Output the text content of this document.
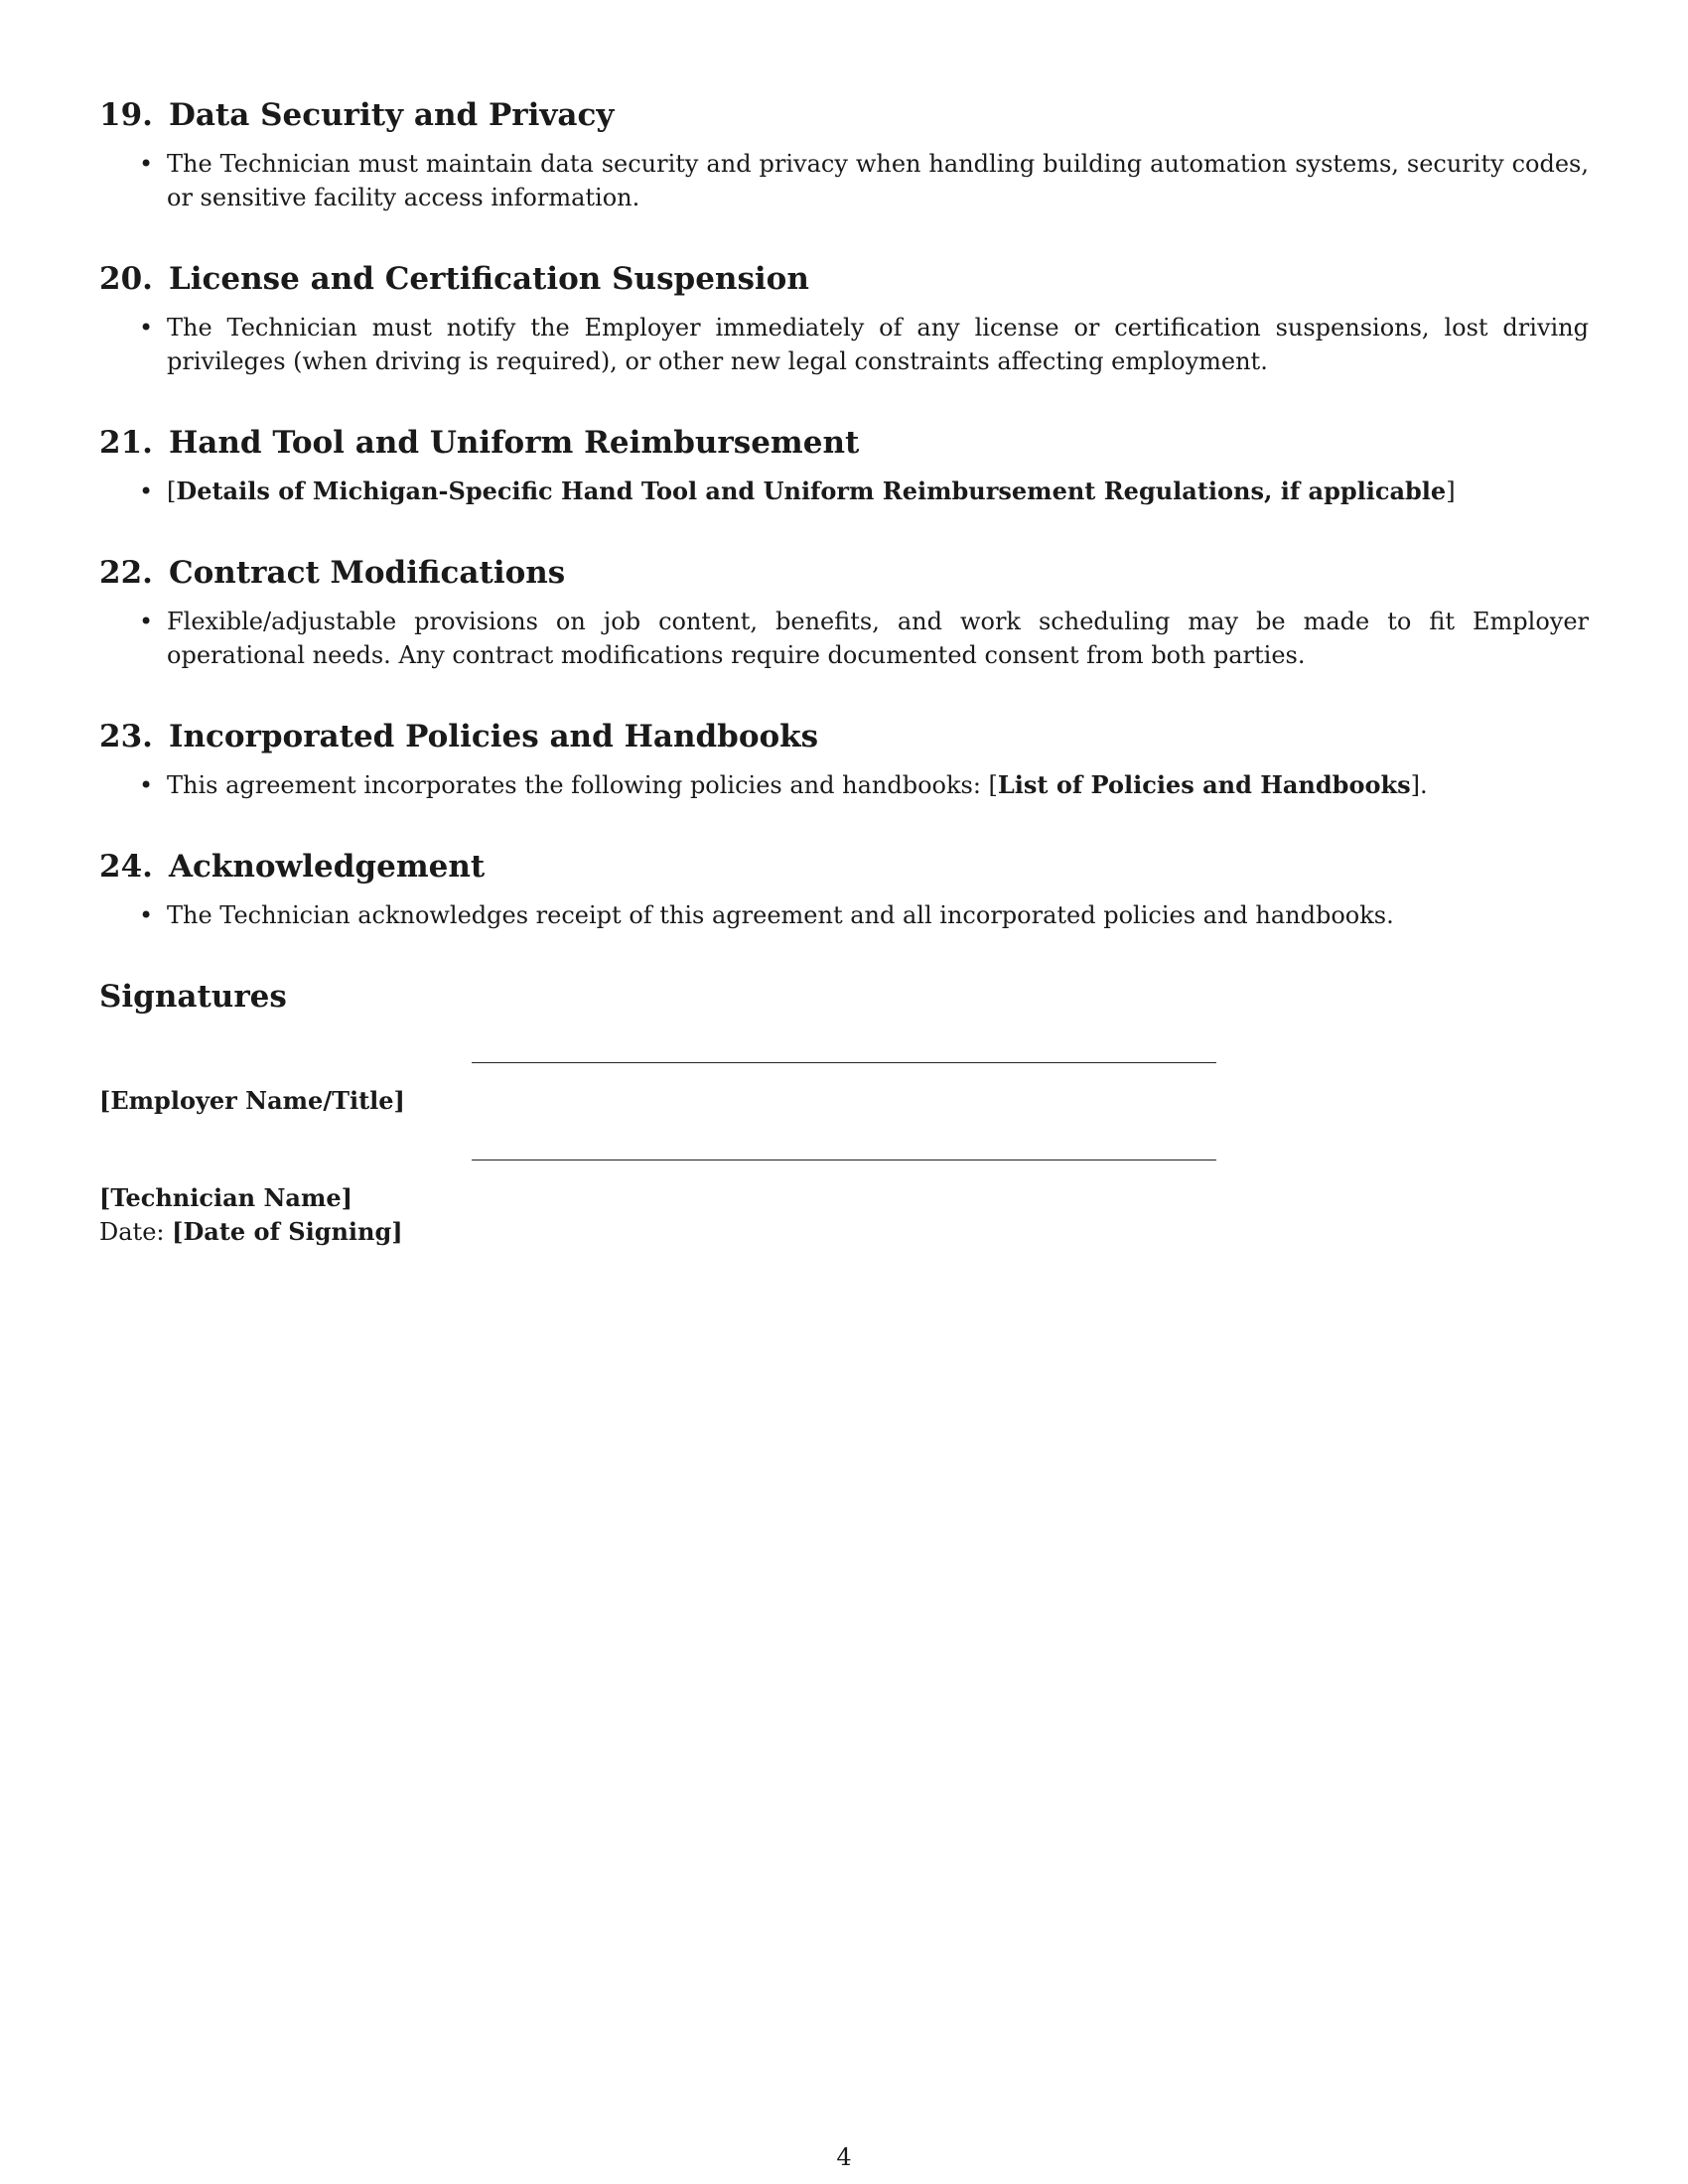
19. Data Security and Privacy
• The Technician must maintain data security and privacy when handling building automation systems, security codes, or sensitive facility access information.
20. License and Certification Suspension
• The Technician must notify the Employer immediately of any license or certification suspensions, lost driving privileges (when driving is required), or other new legal constraints affecting employment.
21. Hand Tool and Uniform Reimbursement
• [Details of Michigan-Specific Hand Tool and Uniform Reimbursement Regulations, if applicable]
22. Contract Modifications
• Flexible/adjustable provisions on job content, benefits, and work scheduling may be made to fit Employer operational needs. Any contract modifications require documented consent from both parties.
23. Incorporated Policies and Handbooks
• This agreement incorporates the following policies and handbooks: [List of Policies and Handbooks].
24. Acknowledgement
• The Technician acknowledges receipt of this agreement and all incorporated policies and handbooks.
Signatures
[Employer Name/Title]
[Technician Name]
Date: [Date of Signing]
4
